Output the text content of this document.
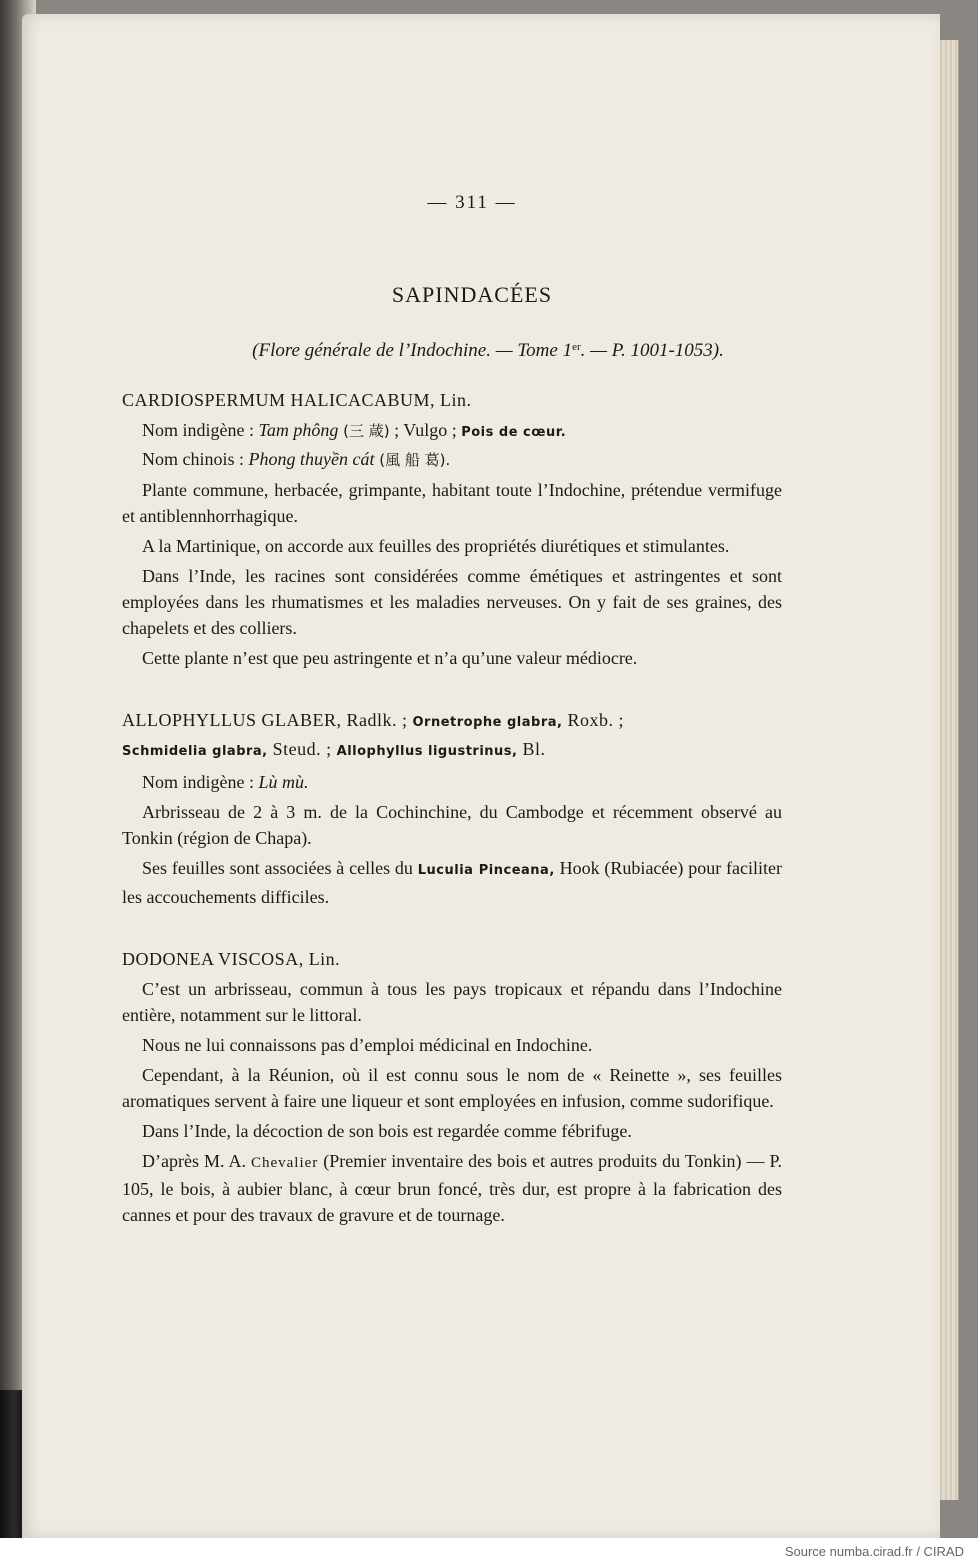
— 311 —
SAPINDACÉES
(Flore générale de l’Indochine. — Tome 1er. — P. 1001-1053).

CARDIOSPERMUM HALICACABUM, Lin.

Nom indigène : Tam phông (三 葴) ; Vulgo ; Pois de cœur.

Nom chinois : Phong thuyền cát (風 船 葛).

Plante commune, herbacée, grimpante, habitant toute l’Indochine, prétendue vermifuge et antiblennhorrhagique.

A la Martinique, on accorde aux feuilles des propriétés diurétiques et stimulantes.

Dans l’Inde, les racines sont considérées comme émétiques et astringentes et sont employées dans les rhumatismes et les maladies nerveuses. On y fait de ses graines, des chapelets et des colliers.

Cette plante n’est que peu astringente et n’a qu’une valeur médiocre.

ALLOPHYLLUS GLABER, Radlk. ; Ornetrophe glabra, Roxb. ;
Schmidelia glabra, Steud. ; Allophyllus ligustrinus, Bl.

Nom indigène : Lù mù.

Arbrisseau de 2 à 3 m. de la Cochinchine, du Cambodge et récemment observé au Tonkin (région de Chapa).

Ses feuilles sont associées à celles du Luculia Pinceana, Hook (Rubiacée) pour faciliter les accouchements difficiles.

DODONEA VISCOSA, Lin.

C’est un arbrisseau, commun à tous les pays tropicaux et répandu dans l’Indochine entière, notamment sur le littoral.

Nous ne lui connaissons pas d’emploi médicinal en Indochine.

Cependant, à la Réunion, où il est connu sous le nom de « Reinette », ses feuilles aromatiques servent à faire une liqueur et sont employées en infusion, comme sudorifique.

Dans l’Inde, la décoction de son bois est regardée comme fébrifuge.

D’après M. A. Chevalier (Premier inventaire des bois et autres produits du Tonkin) — P. 105, le bois, à aubier blanc, à cœur brun foncé, très dur, est propre à la fabrication des cannes et pour des travaux de gravure et de tournage.

Source numba.cirad.fr / CIRAD
